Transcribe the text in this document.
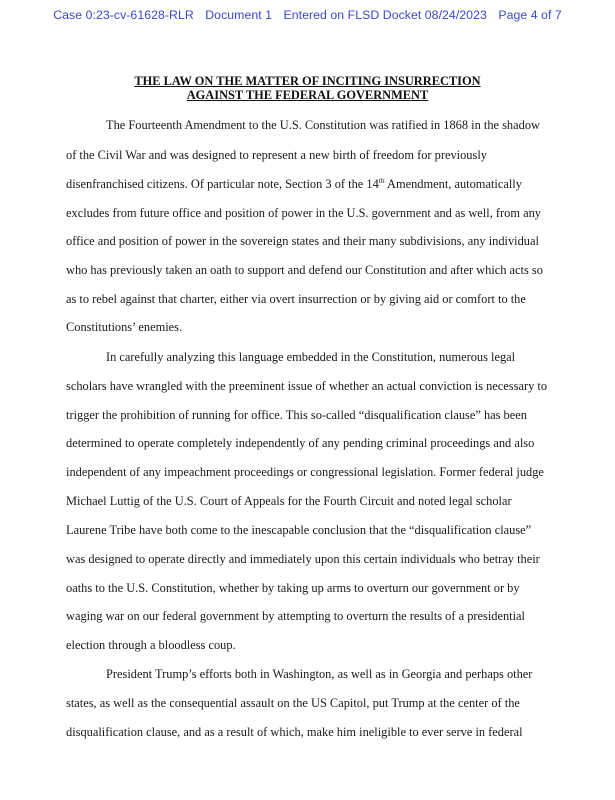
Case 0:23-cv-61628-RLR Document 1 Entered on FLSD Docket 08/24/2023 Page 4 of 7
THE LAW ON THE MATTER OF INCITING INSURRECTION
AGAINST THE FEDERAL GOVERNMENT
The Fourteenth Amendment to the U.S. Constitution was ratified in 1868 in the shadow
of the Civil War and was designed to represent a new birth of freedom for previously
disenfranchised citizens. Of particular note, Section 3 of the 14th Amendment, automatically
excludes from future office and position of power in the U.S. government and as well, from any
office and position of power in the sovereign states and their many subdivisions, any individual
who has previously taken an oath to support and defend our Constitution and after which acts so
as to rebel against that charter, either via overt insurrection or by giving aid or comfort to the
Constitutions’ enemies.
In carefully analyzing this language embedded in the Constitution, numerous legal
scholars have wrangled with the preeminent issue of whether an actual conviction is necessary to
trigger the prohibition of running for office. This so-called “disqualification clause” has been
determined to operate completely independently of any pending criminal proceedings and also
independent of any impeachment proceedings or congressional legislation. Former federal judge
Michael Luttig of the U.S. Court of Appeals for the Fourth Circuit and noted legal scholar
Laurene Tribe have both come to the inescapable conclusion that the “disqualification clause”
was designed to operate directly and immediately upon this certain individuals who betray their
oaths to the U.S. Constitution, whether by taking up arms to overturn our government or by
waging war on our federal government by attempting to overturn the results of a presidential
election through a bloodless coup.
President Trump’s efforts both in Washington, as well as in Georgia and perhaps other
states, as well as the consequential assault on the US Capitol, put Trump at the center of the
disqualification clause, and as a result of which, make him ineligible to ever serve in federal
